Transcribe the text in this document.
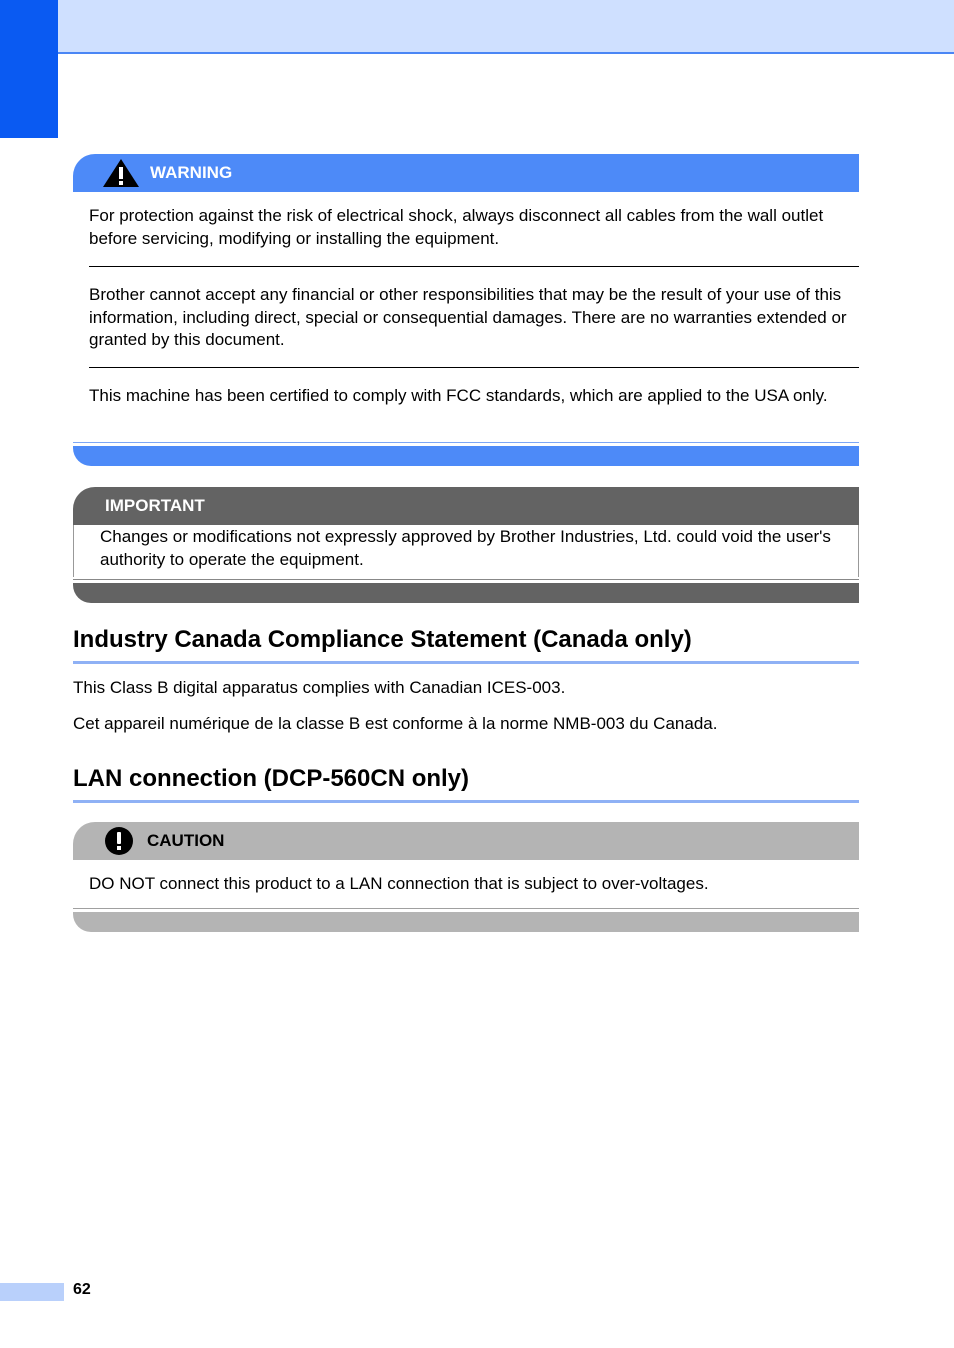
WARNING

For protection against the risk of electrical shock, always disconnect all cables from the wall outlet before servicing, modifying or installing the equipment.

Brother cannot accept any financial or other responsibilities that may be the result of your use of this information, including direct, special or consequential damages. There are no warranties extended or granted by this document.

This machine has been certified to comply with FCC standards, which are applied to the USA only.

IMPORTANT

Changes or modifications not expressly approved by Brother Industries, Ltd. could void the user's authority to operate the equipment.

Industry Canada Compliance Statement (Canada only)

This Class B digital apparatus complies with Canadian ICES-003.

Cet appareil numérique de la classe B est conforme à la norme NMB-003 du Canada.

LAN connection (DCP-560CN only)
CAUTION

DO NOT connect this product to a LAN connection that is subject to over-voltages.

62
